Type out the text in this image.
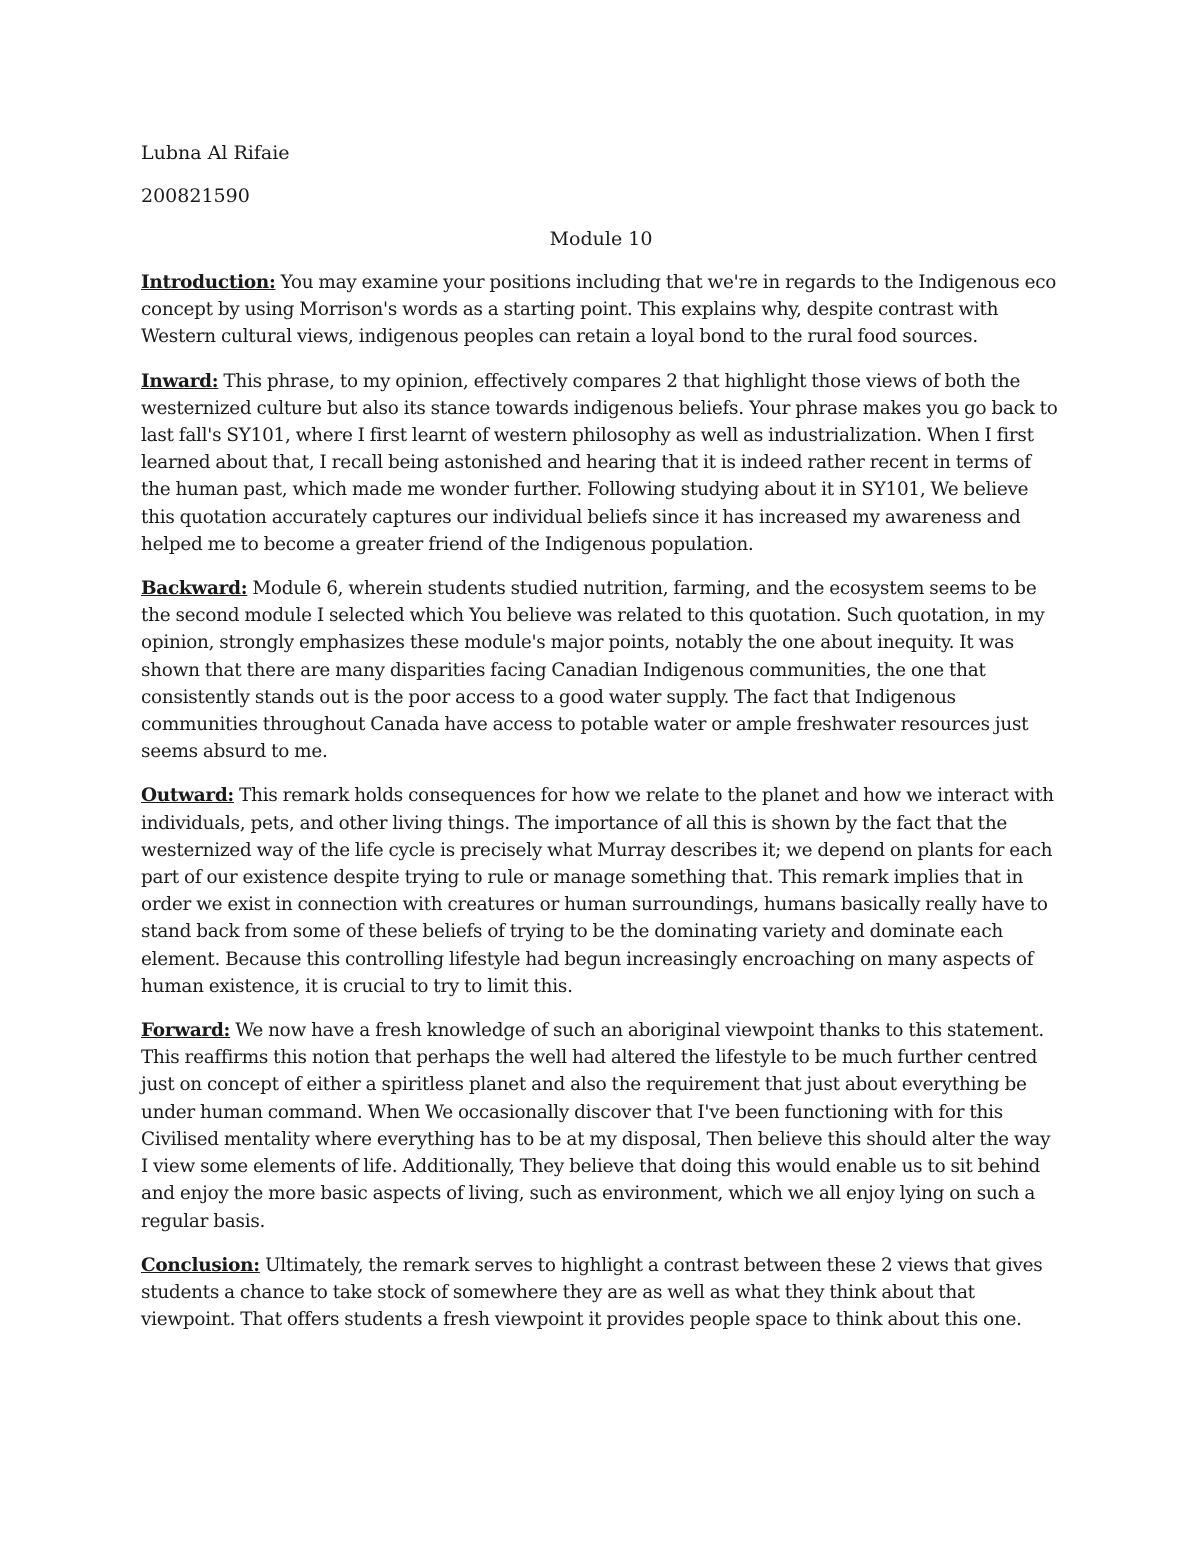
Lubna Al Rifaie

200821590

Module 10

Introduction: You may examine your positions including that we're in regards to the Indigenous eco concept by using Morrison's words as a starting point. This explains why, despite contrast with Western cultural views, indigenous peoples can retain a loyal bond to the rural food sources.

Inward: This phrase, to my opinion, effectively compares 2 that highlight those views of both the westernized culture but also its stance towards indigenous beliefs. Your phrase makes you go back to last fall's SY101, where I first learnt of western philosophy as well as industrialization. When I first learned about that, I recall being astonished and hearing that it is indeed rather recent in terms of the human past, which made me wonder further. Following studying about it in SY101, We believe this quotation accurately captures our individual beliefs since it has increased my awareness and helped me to become a greater friend of the Indigenous population.

Backward: Module 6, wherein students studied nutrition, farming, and the ecosystem seems to be the second module I selected which You believe was related to this quotation. Such quotation, in my opinion, strongly emphasizes these module's major points, notably the one about inequity. It was shown that there are many disparities facing Canadian Indigenous communities, the one that consistently stands out is the poor access to a good water supply. The fact that Indigenous communities throughout Canada have access to potable water or ample freshwater resources just seems absurd to me.

Outward: This remark holds consequences for how we relate to the planet and how we interact with individuals, pets, and other living things. The importance of all this is shown by the fact that the westernized way of the life cycle is precisely what Murray describes it; we depend on plants for each part of our existence despite trying to rule or manage something that. This remark implies that in order we exist in connection with creatures or human surroundings, humans basically really have to stand back from some of these beliefs of trying to be the dominating variety and dominate each element. Because this controlling lifestyle had begun increasingly encroaching on many aspects of human existence, it is crucial to try to limit this.

Forward: We now have a fresh knowledge of such an aboriginal viewpoint thanks to this statement. This reaffirms this notion that perhaps the well had altered the lifestyle to be much further centred just on concept of either a spiritless planet and also the requirement that just about everything be under human command. When We occasionally discover that I've been functioning with for this Civilised mentality where everything has to be at my disposal, Then believe this should alter the way I view some elements of life. Additionally, They believe that doing this would enable us to sit behind and enjoy the more basic aspects of living, such as environment, which we all enjoy lying on such a regular basis.

Conclusion: Ultimately, the remark serves to highlight a contrast between these 2 views that gives students a chance to take stock of somewhere they are as well as what they think about that viewpoint. That offers students a fresh viewpoint it provides people space to think about this one.
